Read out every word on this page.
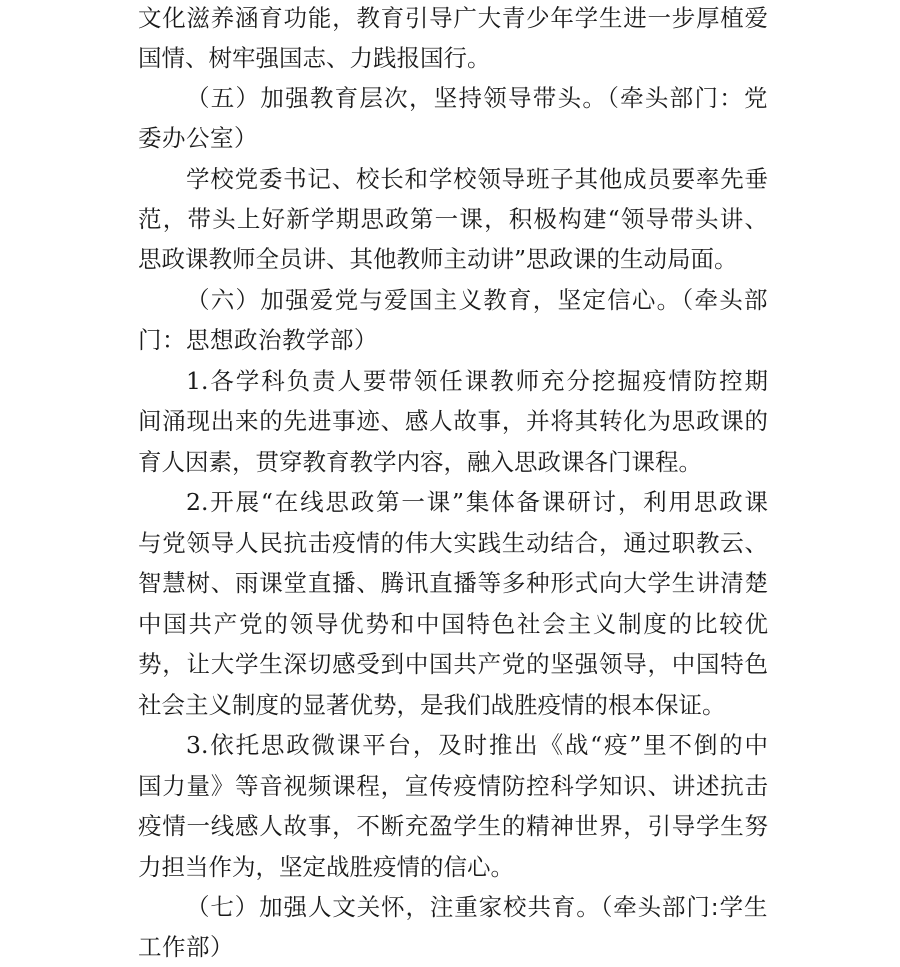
文化滋养涵育功能，教育引导广大青少年学生进一步厚植爱
国情、树牢强国志、力践报国行。
（五）加强教育层次，坚持领导带头。（牵头部门：党
委办公室）
学校党委书记、校长和学校领导班子其他成员要率先垂
范，带头上好新学期思政第一课，积极构建“领导带头讲、
思政课教师全员讲、其他教师主动讲”思政课的生动局面。
（六）加强爱党与爱国主义教育，坚定信心。（牵头部
门：思想政治教学部）
1.各学科负责人要带领任课教师充分挖掘疫情防控期
间涌现出来的先进事迹、感人故事，并将其转化为思政课的
育人因素，贯穿教育教学内容，融入思政课各门课程。
2.开展“在线思政第一课”集体备课研讨，利用思政课
与党领导人民抗击疫情的伟大实践生动结合，通过职教云、
智慧树、雨课堂直播、腾讯直播等多种形式向大学生讲清楚
中国共产党的领导优势和中国特色社会主义制度的比较优
势，让大学生深切感受到中国共产党的坚强领导，中国特色
社会主义制度的显著优势，是我们战胜疫情的根本保证。
3.依托思政微课平台，及时推出《战“疫”里不倒的中
国力量》等音视频课程，宣传疫情防控科学知识、讲述抗击
疫情一线感人故事，不断充盈学生的精神世界，引导学生努
力担当作为，坚定战胜疫情的信心。
（七）加强人文关怀，注重家校共育。（牵头部门:学生
工作部）
